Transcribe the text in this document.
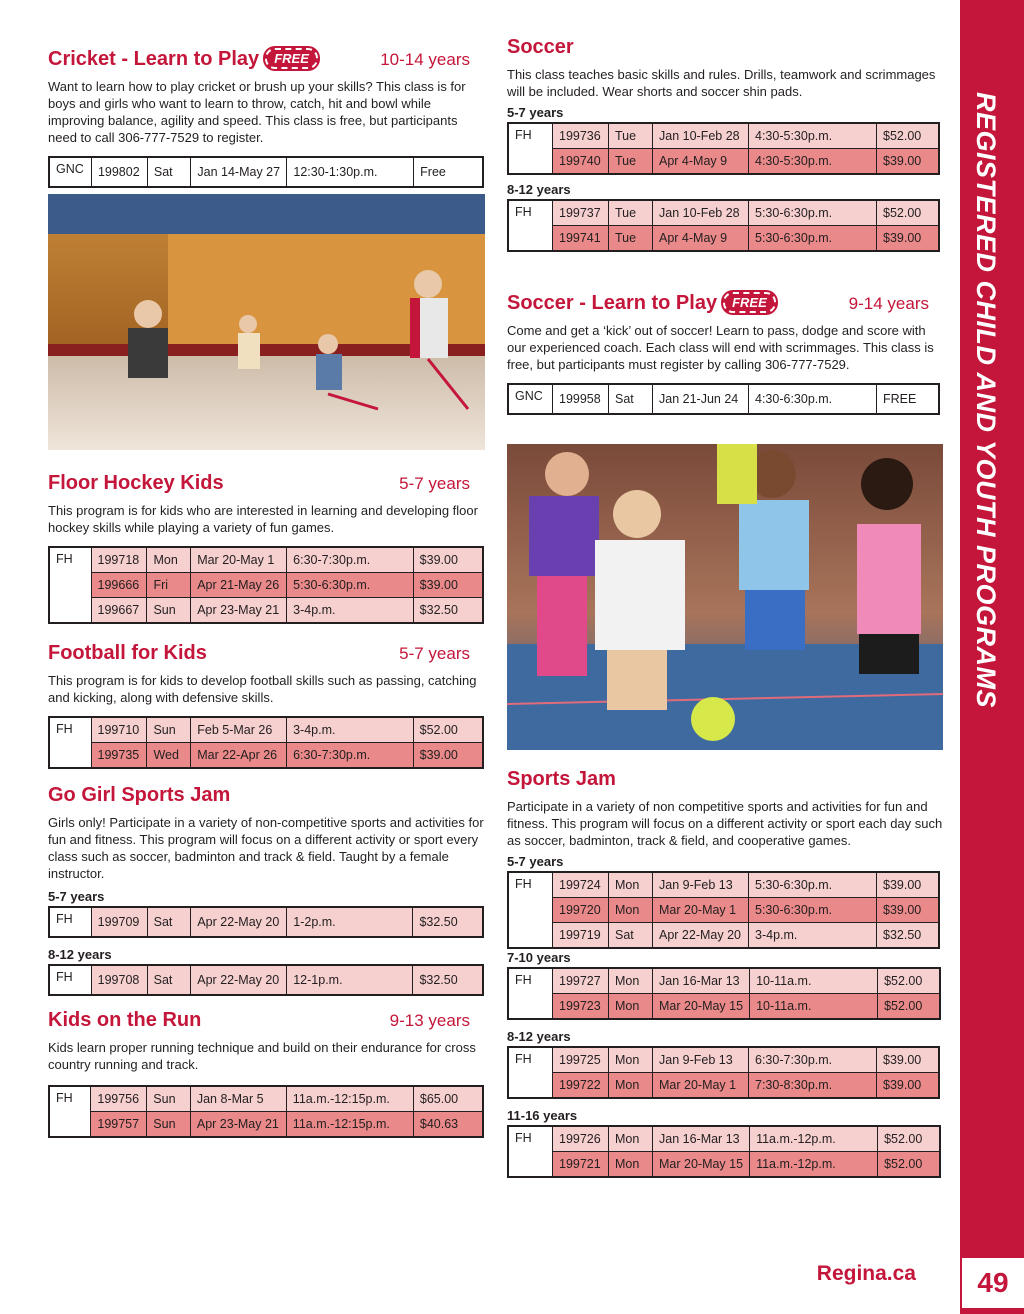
REGISTERED CHILD AND YOUTH PROGRAMS
49
Regina.ca
Cricket - Learn to Play FREE	10-14 years
Want to learn how to play cricket or brush up your skills? This class is for boys and girls who want to learn to throw, catch, hit and bowl while improving balance, agility and speed. This class is free, but participants need to call 306-777-7529 to register.
GNC	199802	Sat	Jan 14-May 27	12:30-1:30p.m.	Free
Floor Hockey Kids	5-7 years
This program is for kids who are interested in learning and developing floor hockey skills while playing a variety of fun games.
FH	199718	Mon	Mar 20-May 1	6:30-7:30p.m.	$39.00
	199666	Fri	Apr 21-May 26	5:30-6:30p.m.	$39.00
	199667	Sun	Apr 23-May 21	3-4p.m.	$32.50
Football for Kids	5-7 years
This program is for kids to develop football skills such as passing, catching and kicking, along with defensive skills.
FH	199710	Sun	Feb 5-Mar 26	3-4p.m.	$52.00
	199735	Wed	Mar 22-Apr 26	6:30-7:30p.m.	$39.00
Go Girl Sports Jam
Girls only! Participate in a variety of non-competitive sports and activities for fun and fitness. This program will focus on a different activity or sport every class such as soccer, badminton and track & field. Taught by a female instructor.
5-7 years
FH	199709	Sat	Apr 22-May 20	1-2p.m.	$32.50
8-12 years
FH	199708	Sat	Apr 22-May 20	12-1p.m.	$32.50
Kids on the Run	9-13 years
Kids learn proper running technique and build on their endurance for cross country running and track.
FH	199756	Sun	Jan 8-Mar 5	11a.m.-12:15p.m.	$65.00
	199757	Sun	Apr 23-May 21	11a.m.-12:15p.m.	$40.63
Soccer
This class teaches basic skills and rules. Drills, teamwork and scrimmages will be included. Wear shorts and soccer shin pads.
5-7 years
FH	199736	Tue	Jan 10-Feb 28	4:30-5:30p.m.	$52.00
	199740	Tue	Apr 4-May 9	4:30-5:30p.m.	$39.00
8-12 years
FH	199737	Tue	Jan 10-Feb 28	5:30-6:30p.m.	$52.00
	199741	Tue	Apr 4-May 9	5:30-6:30p.m.	$39.00
Soccer - Learn to Play FREE	9-14 years
Come and get a ‘kick’ out of soccer! Learn to pass, dodge and score with our experienced coach. Each class will end with scrimmages. This class is free, but participants must register by calling 306-777-7529.
GNC	199958	Sat	Jan 21-Jun 24	4:30-6:30p.m.	FREE
Sports Jam
Participate in a variety of non competitive sports and activities for fun and fitness. This program will focus on a different activity or sport each day such as soccer, badminton, track & field, and cooperative games.
5-7 years
FH	199724	Mon	Jan 9-Feb 13	5:30-6:30p.m.	$39.00
	199720	Mon	Mar 20-May 1	5:30-6:30p.m.	$39.00
	199719	Sat	Apr 22-May 20	3-4p.m.	$32.50
7-10 years
FH	199727	Mon	Jan 16-Mar 13	10-11a.m.	$52.00
	199723	Mon	Mar 20-May 15	10-11a.m.	$52.00
8-12 years
FH	199725	Mon	Jan 9-Feb 13	6:30-7:30p.m.	$39.00
	199722	Mon	Mar 20-May 1	7:30-8:30p.m.	$39.00
11-16 years
FH	199726	Mon	Jan 16-Mar 13	11a.m.-12p.m.	$52.00
	199721	Mon	Mar 20-May 15	11a.m.-12p.m.	$52.00
